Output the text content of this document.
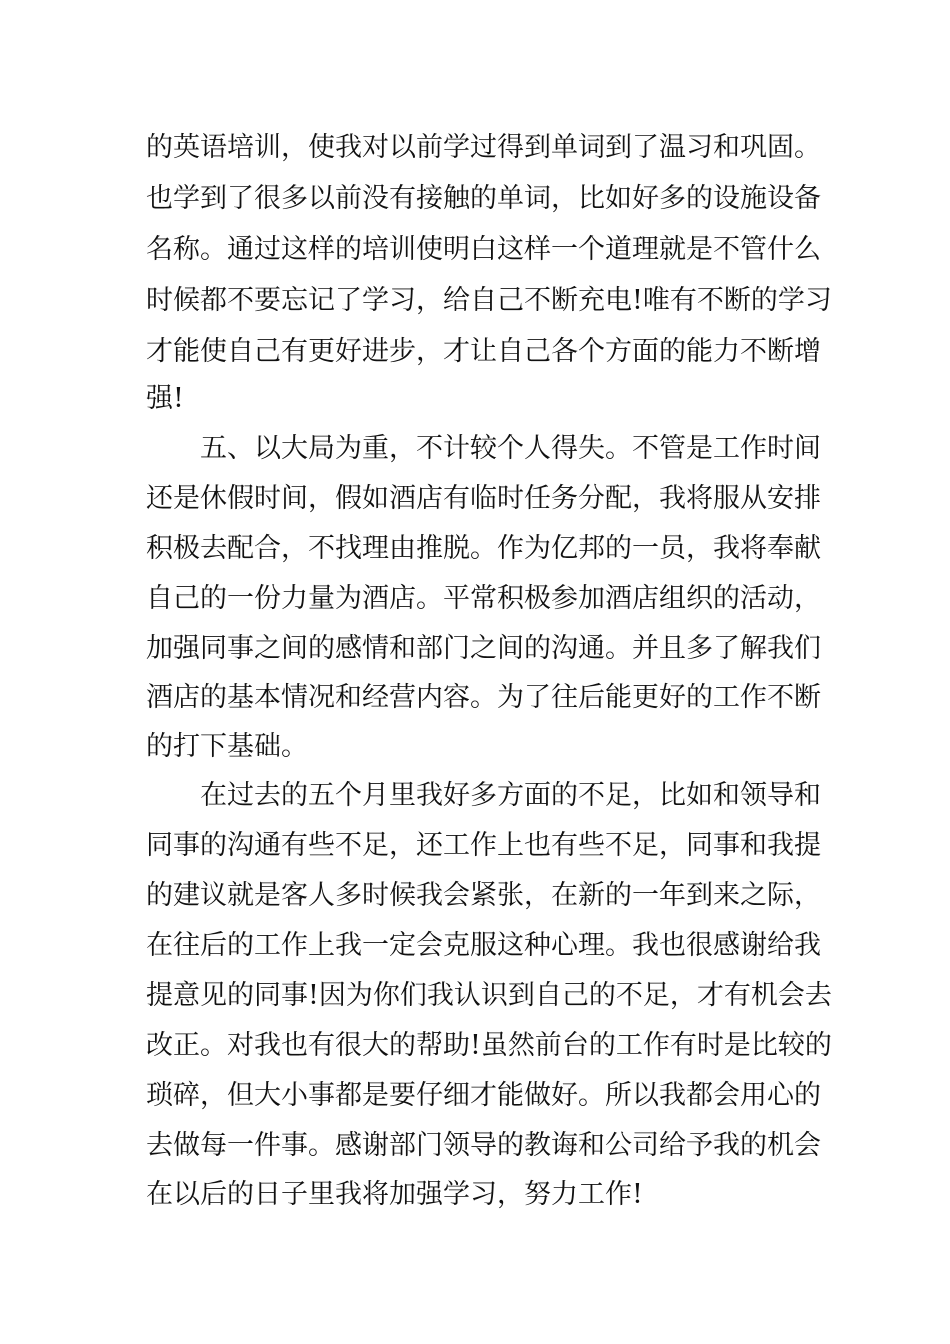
的英语培训，使我对以前学过得到单词到了温习和巩固。
也学到了很多以前没有接触的单词，比如好多的设施设备
名称。通过这样的培训使明白这样一个道理就是不管什么
时候都不要忘记了学习，给自己不断充电!唯有不断的学习
才能使自己有更好进步，才让自己各个方面的能力不断增
强!
五、以大局为重，不计较个人得失。不管是工作时间
还是休假时间，假如酒店有临时任务分配，我将服从安排
积极去配合，不找理由推脱。作为亿邦的一员，我将奉献
自己的一份力量为酒店。平常积极参加酒店组织的活动，
加强同事之间的感情和部门之间的沟通。并且多了解我们
酒店的基本情况和经营内容。为了往后能更好的工作不断
的打下基础。
在过去的五个月里我好多方面的不足，比如和领导和
同事的沟通有些不足，还工作上也有些不足，同事和我提
的建议就是客人多时候我会紧张，在新的一年到来之际，
在往后的工作上我一定会克服这种心理。我也很感谢给我
提意见的同事!因为你们我认识到自己的不足，才有机会去
改正。对我也有很大的帮助!虽然前台的工作有时是比较的
琐碎，但大小事都是要仔细才能做好。所以我都会用心的
去做每一件事。感谢部门领导的教诲和公司给予我的机会
在以后的日子里我将加强学习，努力工作!
